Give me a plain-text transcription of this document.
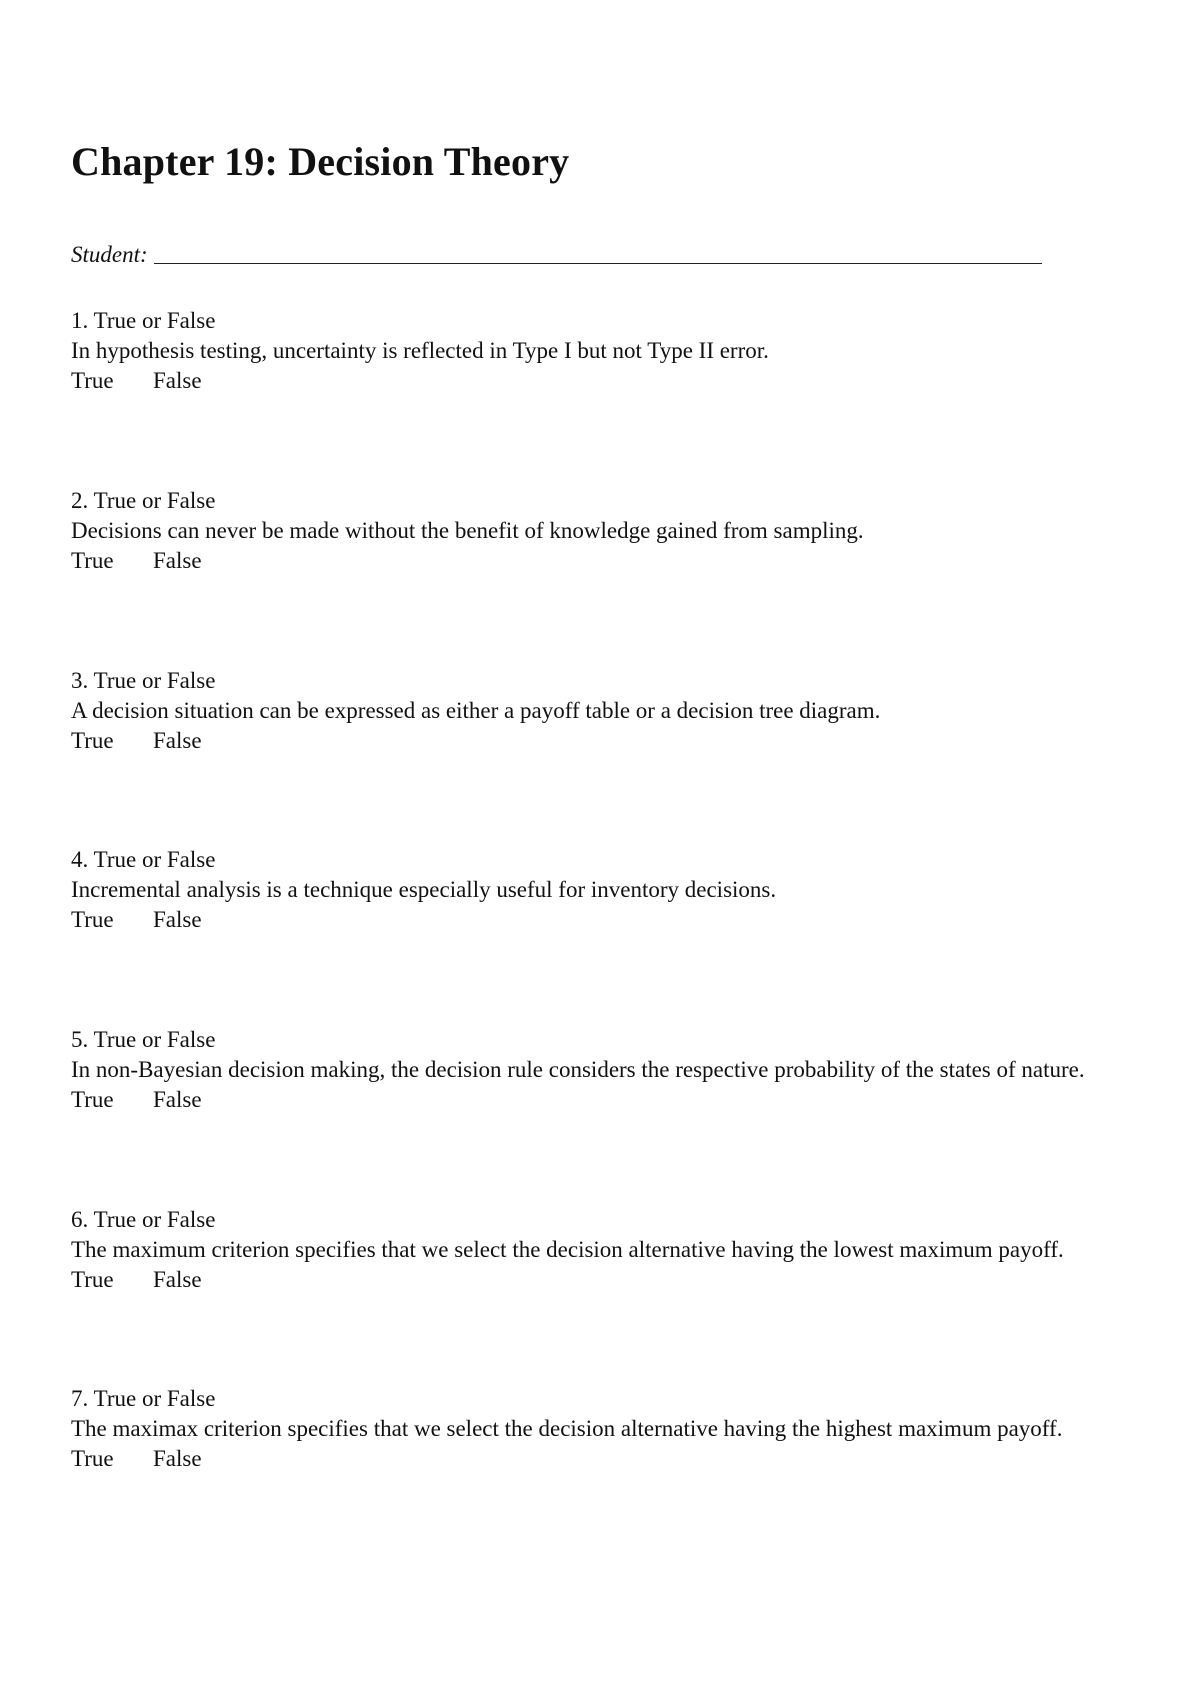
Chapter 19: Decision Theory
Student:
1. True or False
In hypothesis testing, uncertainty is reflected in Type I but not Type II error.
True	False
2. True or False
Decisions can never be made without the benefit of knowledge gained from sampling.
True	False
3. True or False
A decision situation can be expressed as either a payoff table or a decision tree diagram.
True	False
4. True or False
Incremental analysis is a technique especially useful for inventory decisions.
True	False
5. True or False
In non-Bayesian decision making, the decision rule considers the respective probability of the states of nature.
True	False
6. True or False
The maximum criterion specifies that we select the decision alternative having the lowest maximum payoff.
True	False
7. True or False
The maximax criterion specifies that we select the decision alternative having the highest maximum payoff.
True	False
